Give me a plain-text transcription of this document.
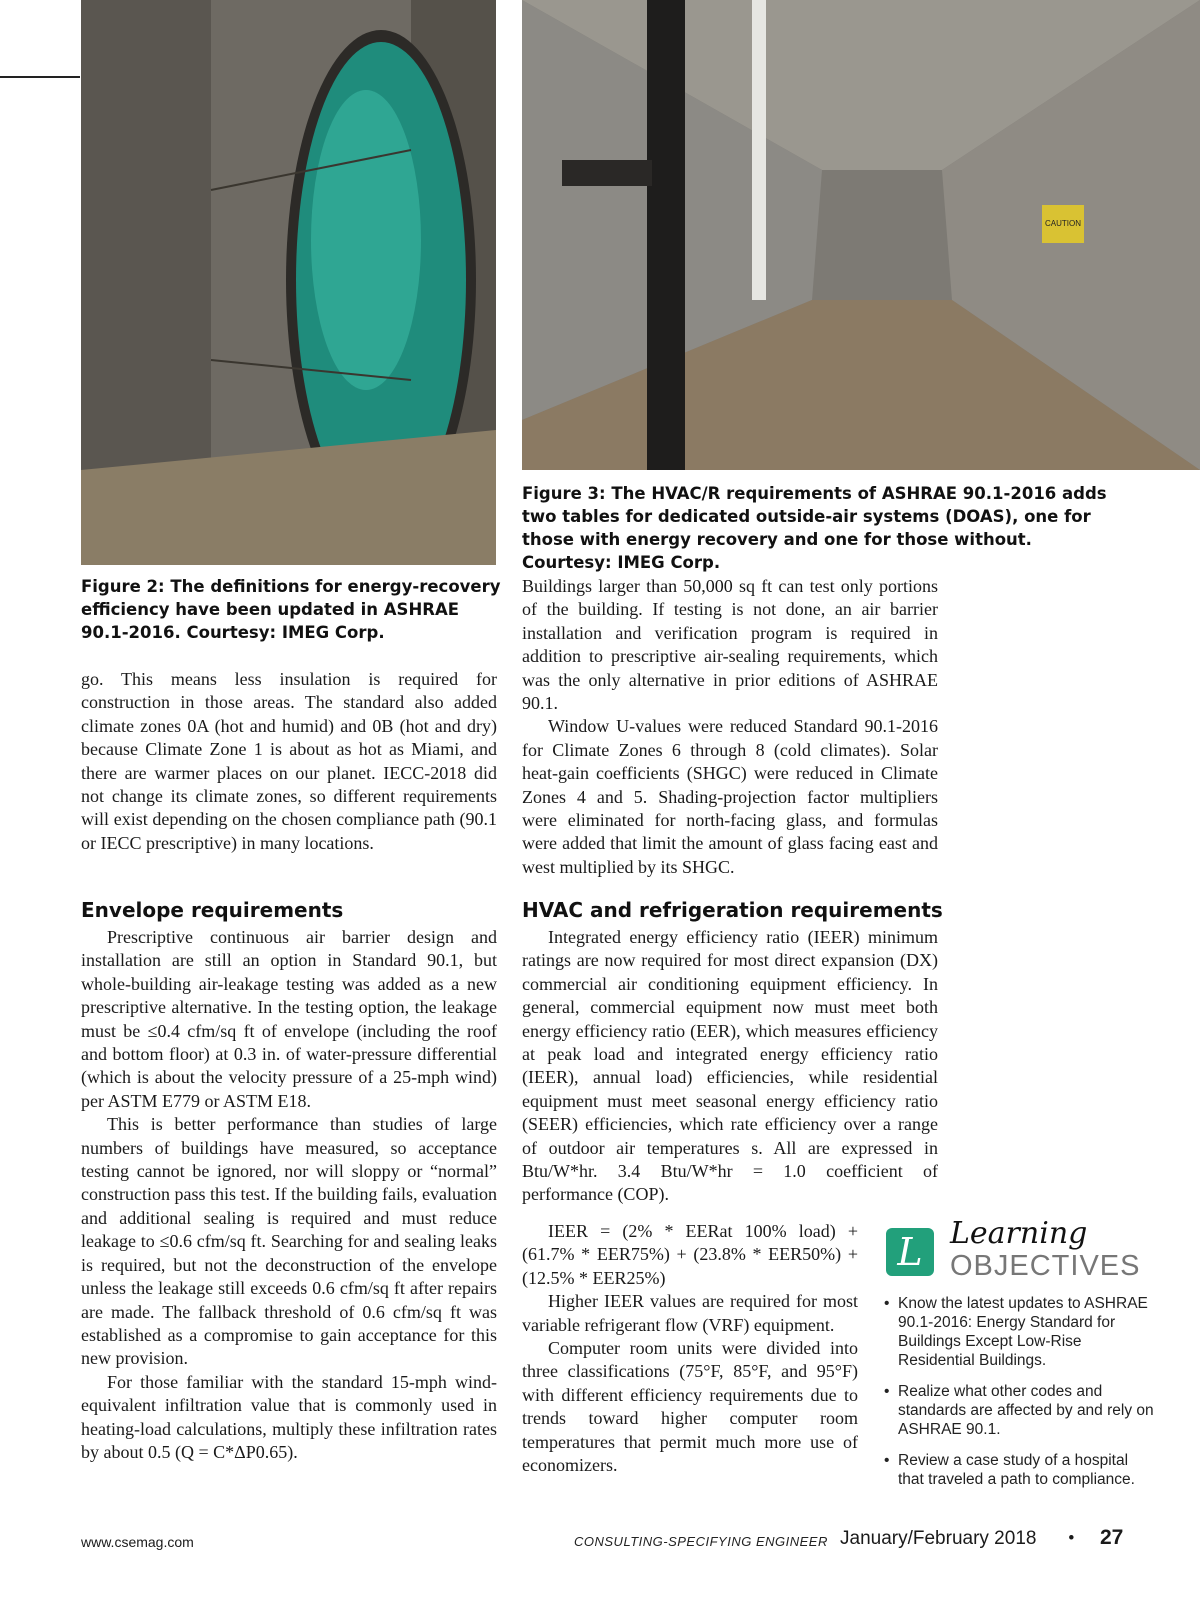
CAUTION

Figure 2: The definitions for energy-recovery efficiency have been updated in ASHRAE 90.1-2016. Courtesy: IMEG Corp.

Figure 3: The HVAC/R requirements of ASHRAE 90.1-2016 adds two tables for dedicated outside-air systems (DOAS), one for those with energy recovery and one for those without. Courtesy: IMEG Corp.

go. This means less insulation is required for construction in those areas. The standard also added climate zones 0A (hot and humid) and 0B (hot and dry) because Climate Zone 1 is about as hot as Miami, and there are warmer places on our planet. IECC-2018 did not change its climate zones, so different requirements will exist depending on the chosen compliance path (90.1 or IECC prescriptive) in many locations.

Envelope requirements

Prescriptive continuous air barrier design and installation are still an option in Standard 90.1, but whole-building air-leakage testing was added as a new prescriptive alternative. In the testing option, the leakage must be ≤0.4 cfm/sq ft of envelope (including the roof and bottom floor) at 0.3 in. of water-pressure differential (which is about the velocity pressure of a 25-mph wind) per ASTM E779 or ASTM E18.

This is better performance than studies of large numbers of buildings have measured, so acceptance testing cannot be ignored, nor will sloppy or “normal” construction pass this test. If the building fails, evaluation and additional sealing is required and must reduce leakage to ≤0.6 cfm/sq ft. Searching for and sealing leaks is required, but not the deconstruction of the envelope unless the leakage still exceeds 0.6 cfm/sq ft after repairs are made. The fallback threshold of 0.6 cfm/sq ft was established as a compromise to gain acceptance for this new provision.

For those familiar with the standard 15-mph wind-equivalent infiltration value that is commonly used in heating-load calculations, multiply these infiltration rates by about 0.5 (Q = C*ΔP0.65).

Buildings larger than 50,000 sq ft can test only portions of the building. If testing is not done, an air barrier installation and verification program is required in addition to prescriptive air-sealing requirements, which was the only alternative in prior editions of ASHRAE 90.1.

Window U-values were reduced Standard 90.1-2016 for Climate Zones 6 through 8 (cold climates). Solar heat-gain coefficients (SHGC) were reduced in Climate Zones 4 and 5. Shading-projection factor multipliers were eliminated for north-facing glass, and formulas were added that limit the amount of glass facing east and west multiplied by its SHGC.

HVAC and refrigeration requirements

Integrated energy efficiency ratio (IEER) minimum ratings are now required for most direct expansion (DX) commercial air conditioning equipment efficiency. In general, commercial equipment now must meet both energy efficiency ratio (EER), which measures efficiency at peak load and integrated energy efficiency ratio (IEER), annual load) efficiencies, while residential equipment must meet seasonal energy efficiency ratio (SEER) efficiencies, which rate efficiency over a range of outdoor air temperatures s. All are expressed in Btu/W*hr. 3.4 Btu/W*hr = 1.0 coefficient of performance (COP).

IEER = (2% * EERat 100% load) + (61.7% * EER75%) + (23.8% * EER50%) + (12.5% * EER25%)

Higher IEER values are required for most variable refrigerant flow (VRF) equipment.

Computer room units were divided into three classifications (75°F, 85°F, and 95°F) with different efficiency requirements due to trends toward higher computer room temperatures that permit much more use of economizers.

L Learning
OBJECTIVES
• Know the latest updates to ASHRAE 90.1-2016: Energy Standard for Buildings Except Low-Rise Residential Buildings.
• Realize what other codes and standards are affected by and rely on ASHRAE 90.1.
• Review a case study of a hospital that traveled a path to compliance.
www.csemag.com	CONSULTING-SPECIFYING ENGINEER January/February 2018 • 27
